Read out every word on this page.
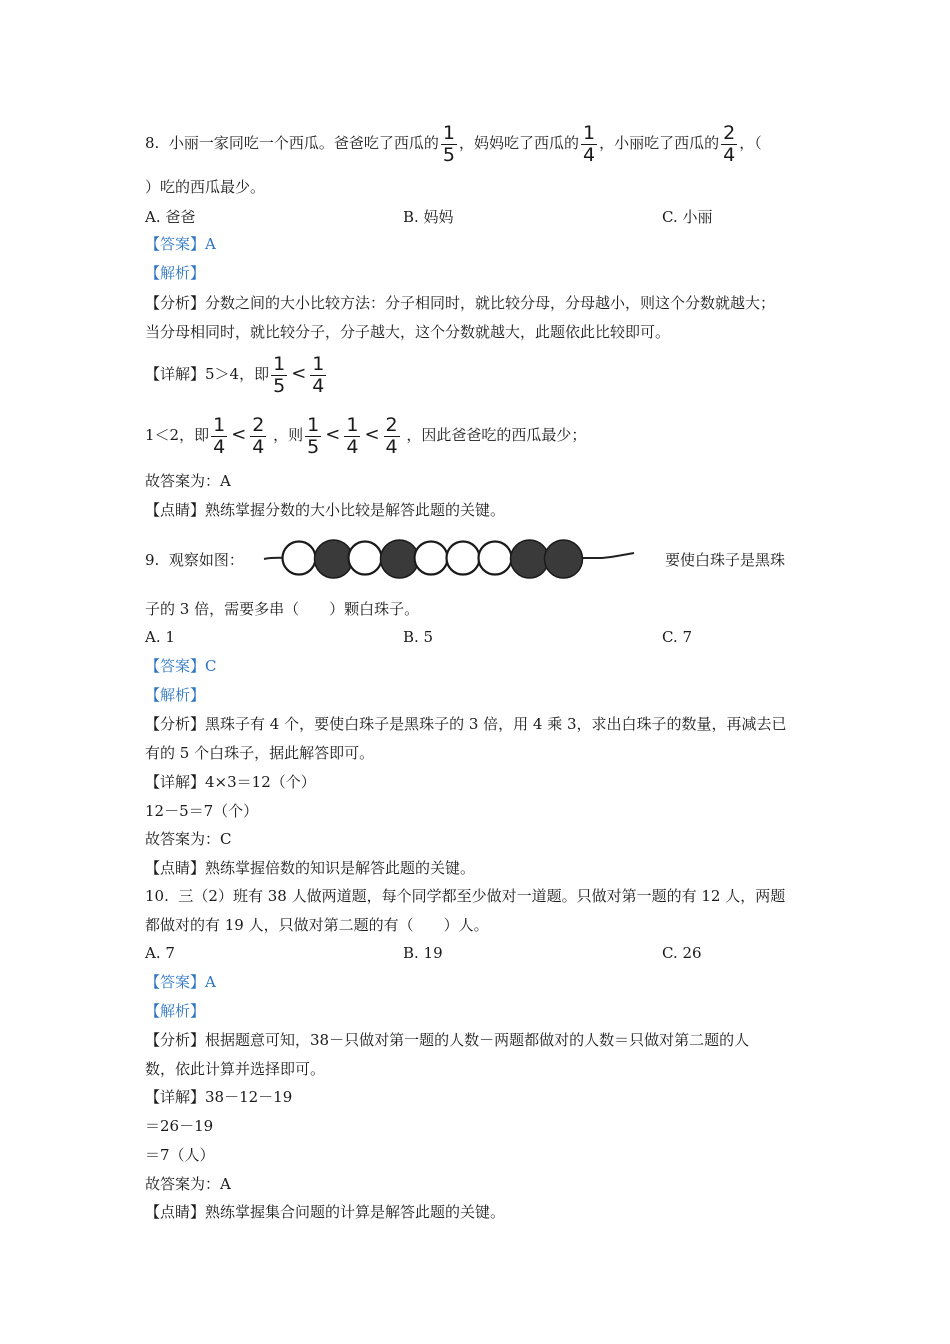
8. 小丽一家同吃一个西瓜。爸爸吃了西瓜的 $\frac{1}{5}$ ，妈妈吃了西瓜的 $\frac{1}{4}$ ，小丽吃了西瓜的 $\frac{2}{4}$ ，（
）吃的西瓜最少。
A. 爸爸	B. 妈妈	C. 小丽
【答案】A
【解析】
【分析】分数之间的大小比较方法：分子相同时，就比较分母，分母越小，则这个分数就越大；
当分母相同时，就比较分子，分子越大，这个分数就越大，此题依此比较即可。
【详解】5＞4，即 $\frac{1}{5} < \frac{1}{4}$
1＜2，即 $\frac{1}{4} < \frac{2}{4}$ ，则 $\frac{1}{5} < \frac{1}{4} < \frac{2}{4}$ ，因此爸爸吃的西瓜最少；
故答案为：A
【点睛】熟练掌握分数的大小比较是解答此题的关键。
9. 观察如图：	要使白珠子是黑珠
子的 3 倍，需要多串（　　）颗白珠子。
A. 1	B. 5	C. 7
【答案】C
【解析】
【分析】黑珠子有 4 个，要使白珠子是黑珠子的 3 倍，用 4 乘 3，求出白珠子的数量，再减去已
有的 5 个白珠子，据此解答即可。
【详解】4×3＝12（个）
12－5＝7（个）
故答案为：C
【点睛】熟练掌握倍数的知识是解答此题的关键。
10. 三（2）班有 38 人做两道题，每个同学都至少做对一道题。只做对第一题的有 12 人，两题
都做对的有 19 人，只做对第二题的有（　　）人。
A. 7	B. 19	C. 26
【答案】A
【解析】
【分析】根据题意可知，38－只做对第一题的人数－两题都做对的人数＝只做对第二题的人
数，依此计算并选择即可。
【详解】38－12－19
＝26－19
＝7（人）
故答案为：A
【点睛】熟练掌握集合问题的计算是解答此题的关键。
